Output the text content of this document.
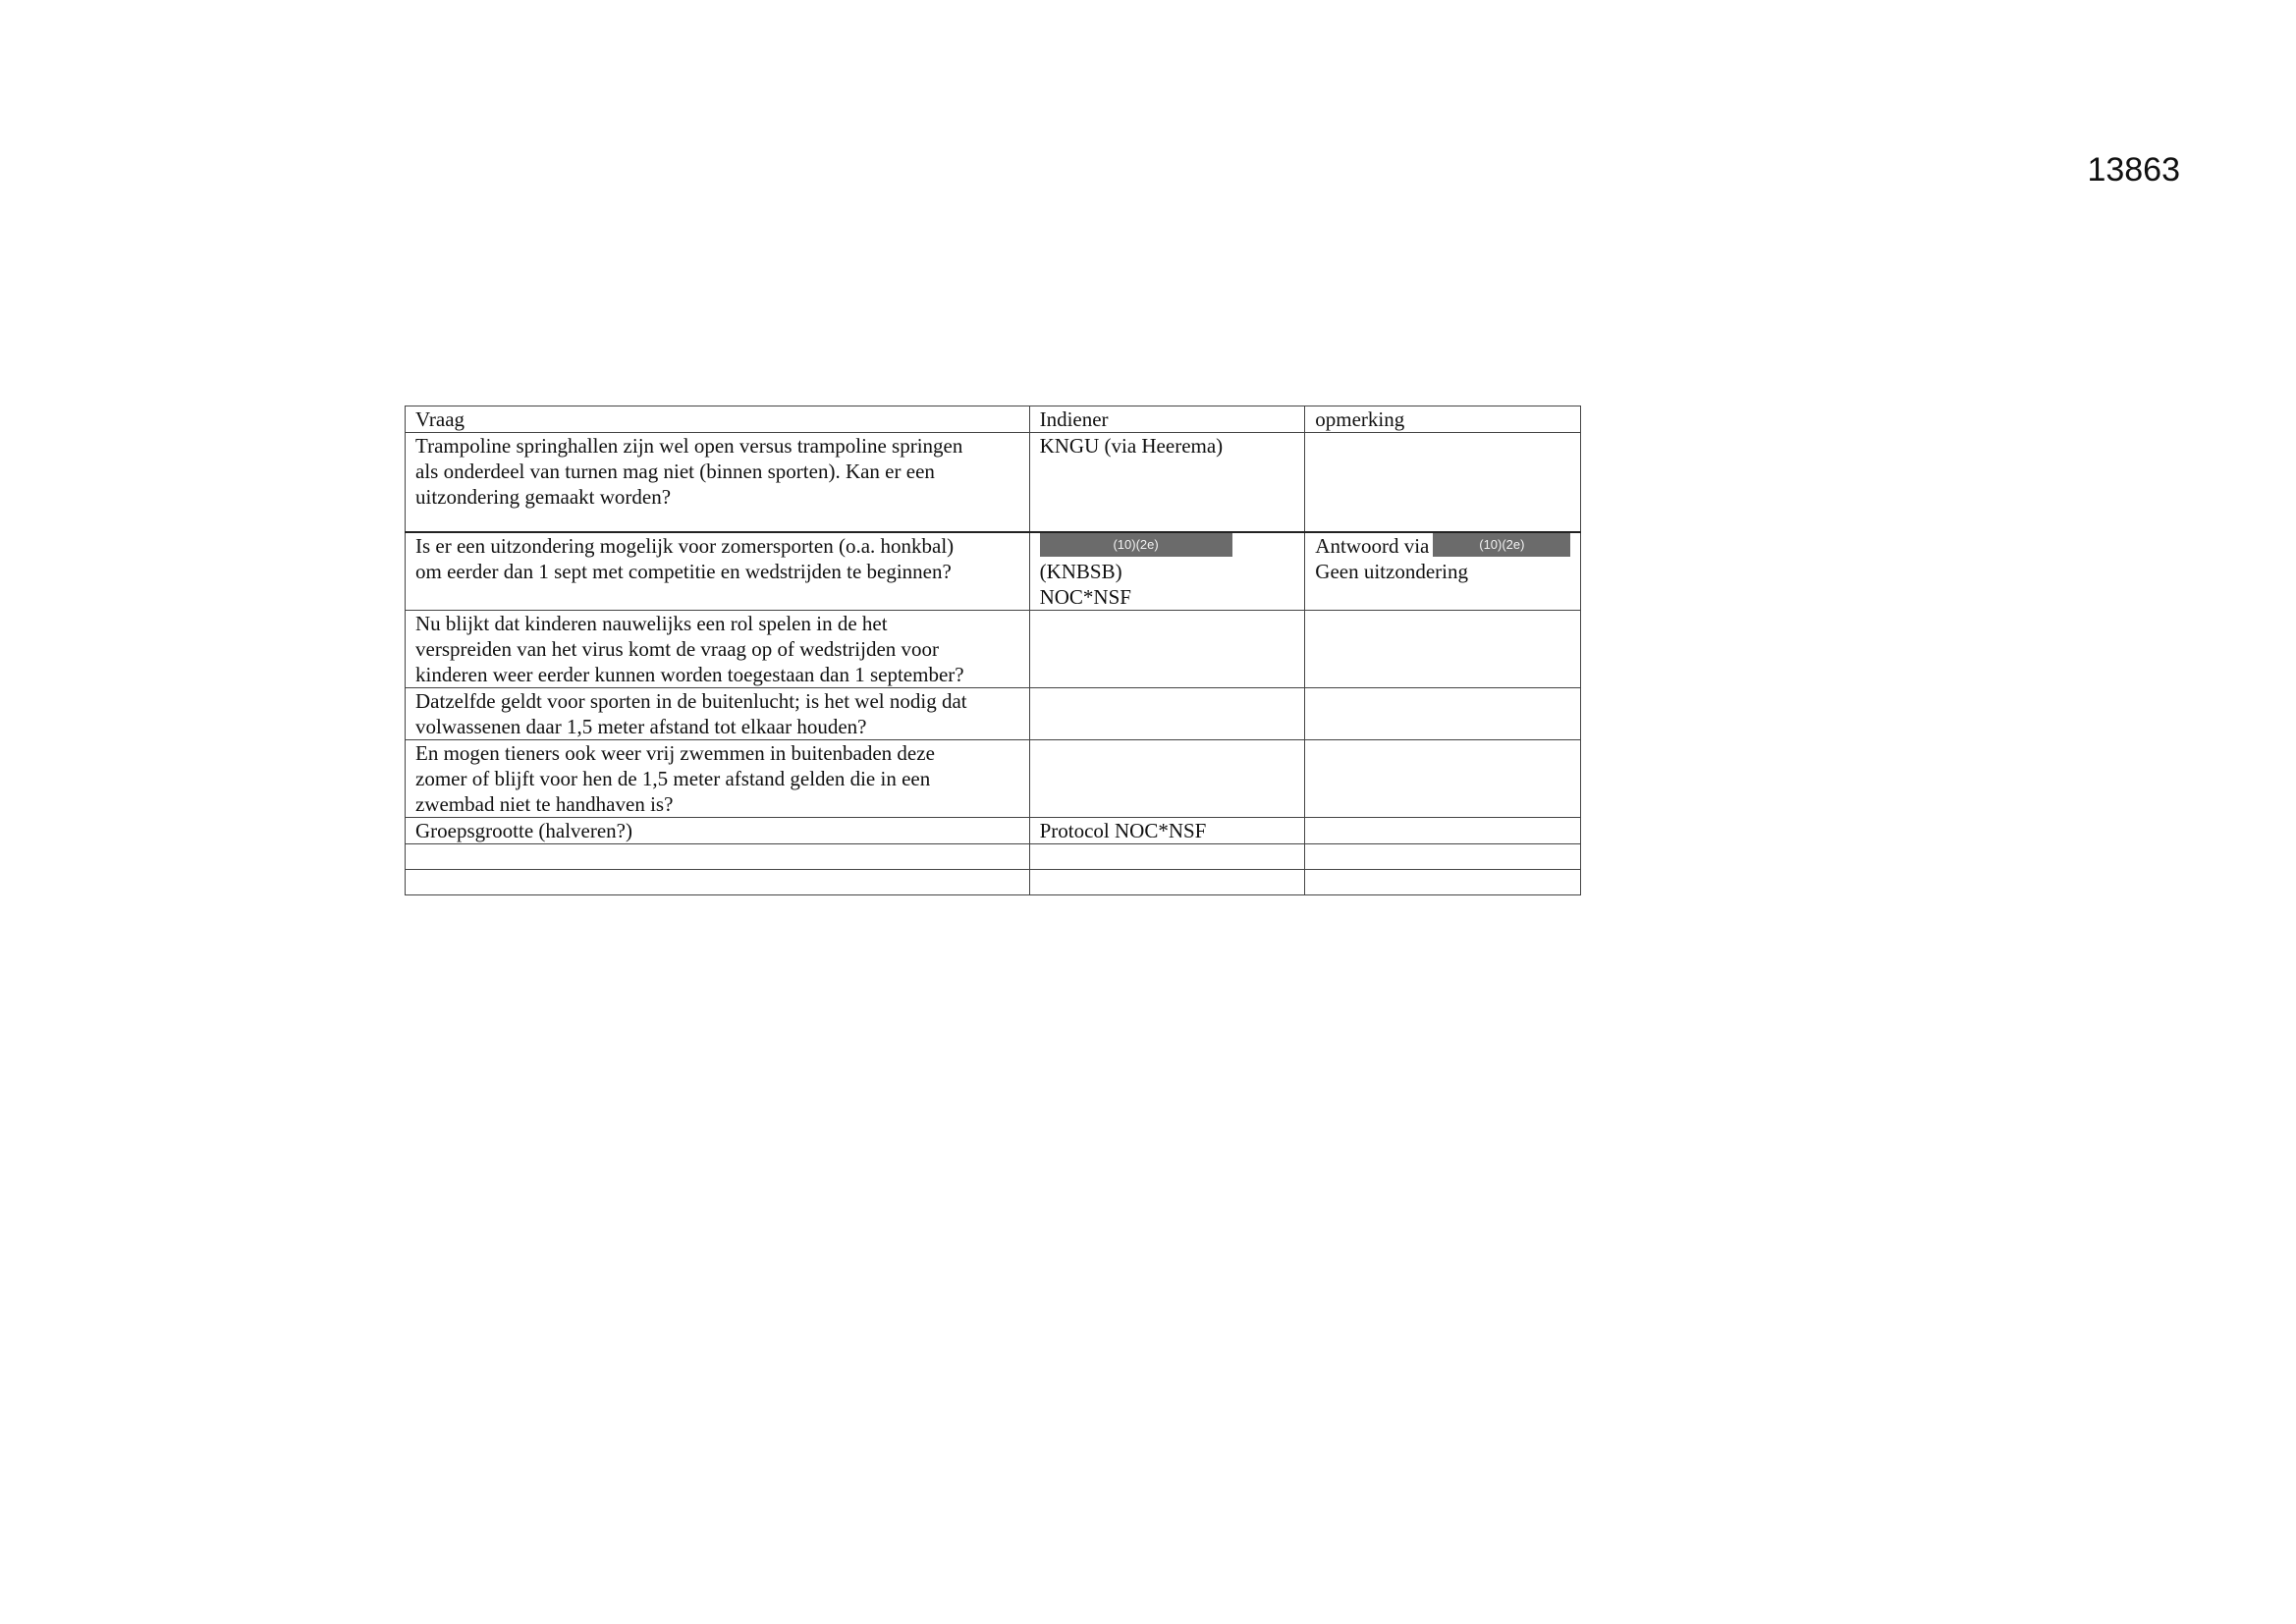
13863
Vraag	Indiener	opmerking

Trampoline springhallen zijn wel open versus trampoline springen
als onderdeel van turnen mag niet (binnen sporten). Kan er een
uitzondering gemaakt worden?	KNGU (via Heerema)	

Is er een uitzondering mogelijk voor zomersporten (o.a. honkbal)
om eerder dan 1 sept met competitie en wedstrijden te beginnen?	(10)(2e)
(KNBSB)
NOC*NSF	Antwoord via (10)(2e)
Geen uitzondering

Nu blijkt dat kinderen nauwelijks een rol spelen in de het
verspreiden van het virus komt de vraag op of wedstrijden voor
kinderen weer eerder kunnen worden toegestaan dan 1 september?		

Datzelfde geldt voor sporten in de buitenlucht; is het wel nodig dat
volwassenen daar 1,5 meter afstand tot elkaar houden?		

En mogen tieners ook weer vrij zwemmen in buitenbaden deze
zomer of blijft voor hen de 1,5 meter afstand gelden die in een
zwembad niet te handhaven is?		

Groepsgrootte (halveren?)	Protocol NOC*NSF	
